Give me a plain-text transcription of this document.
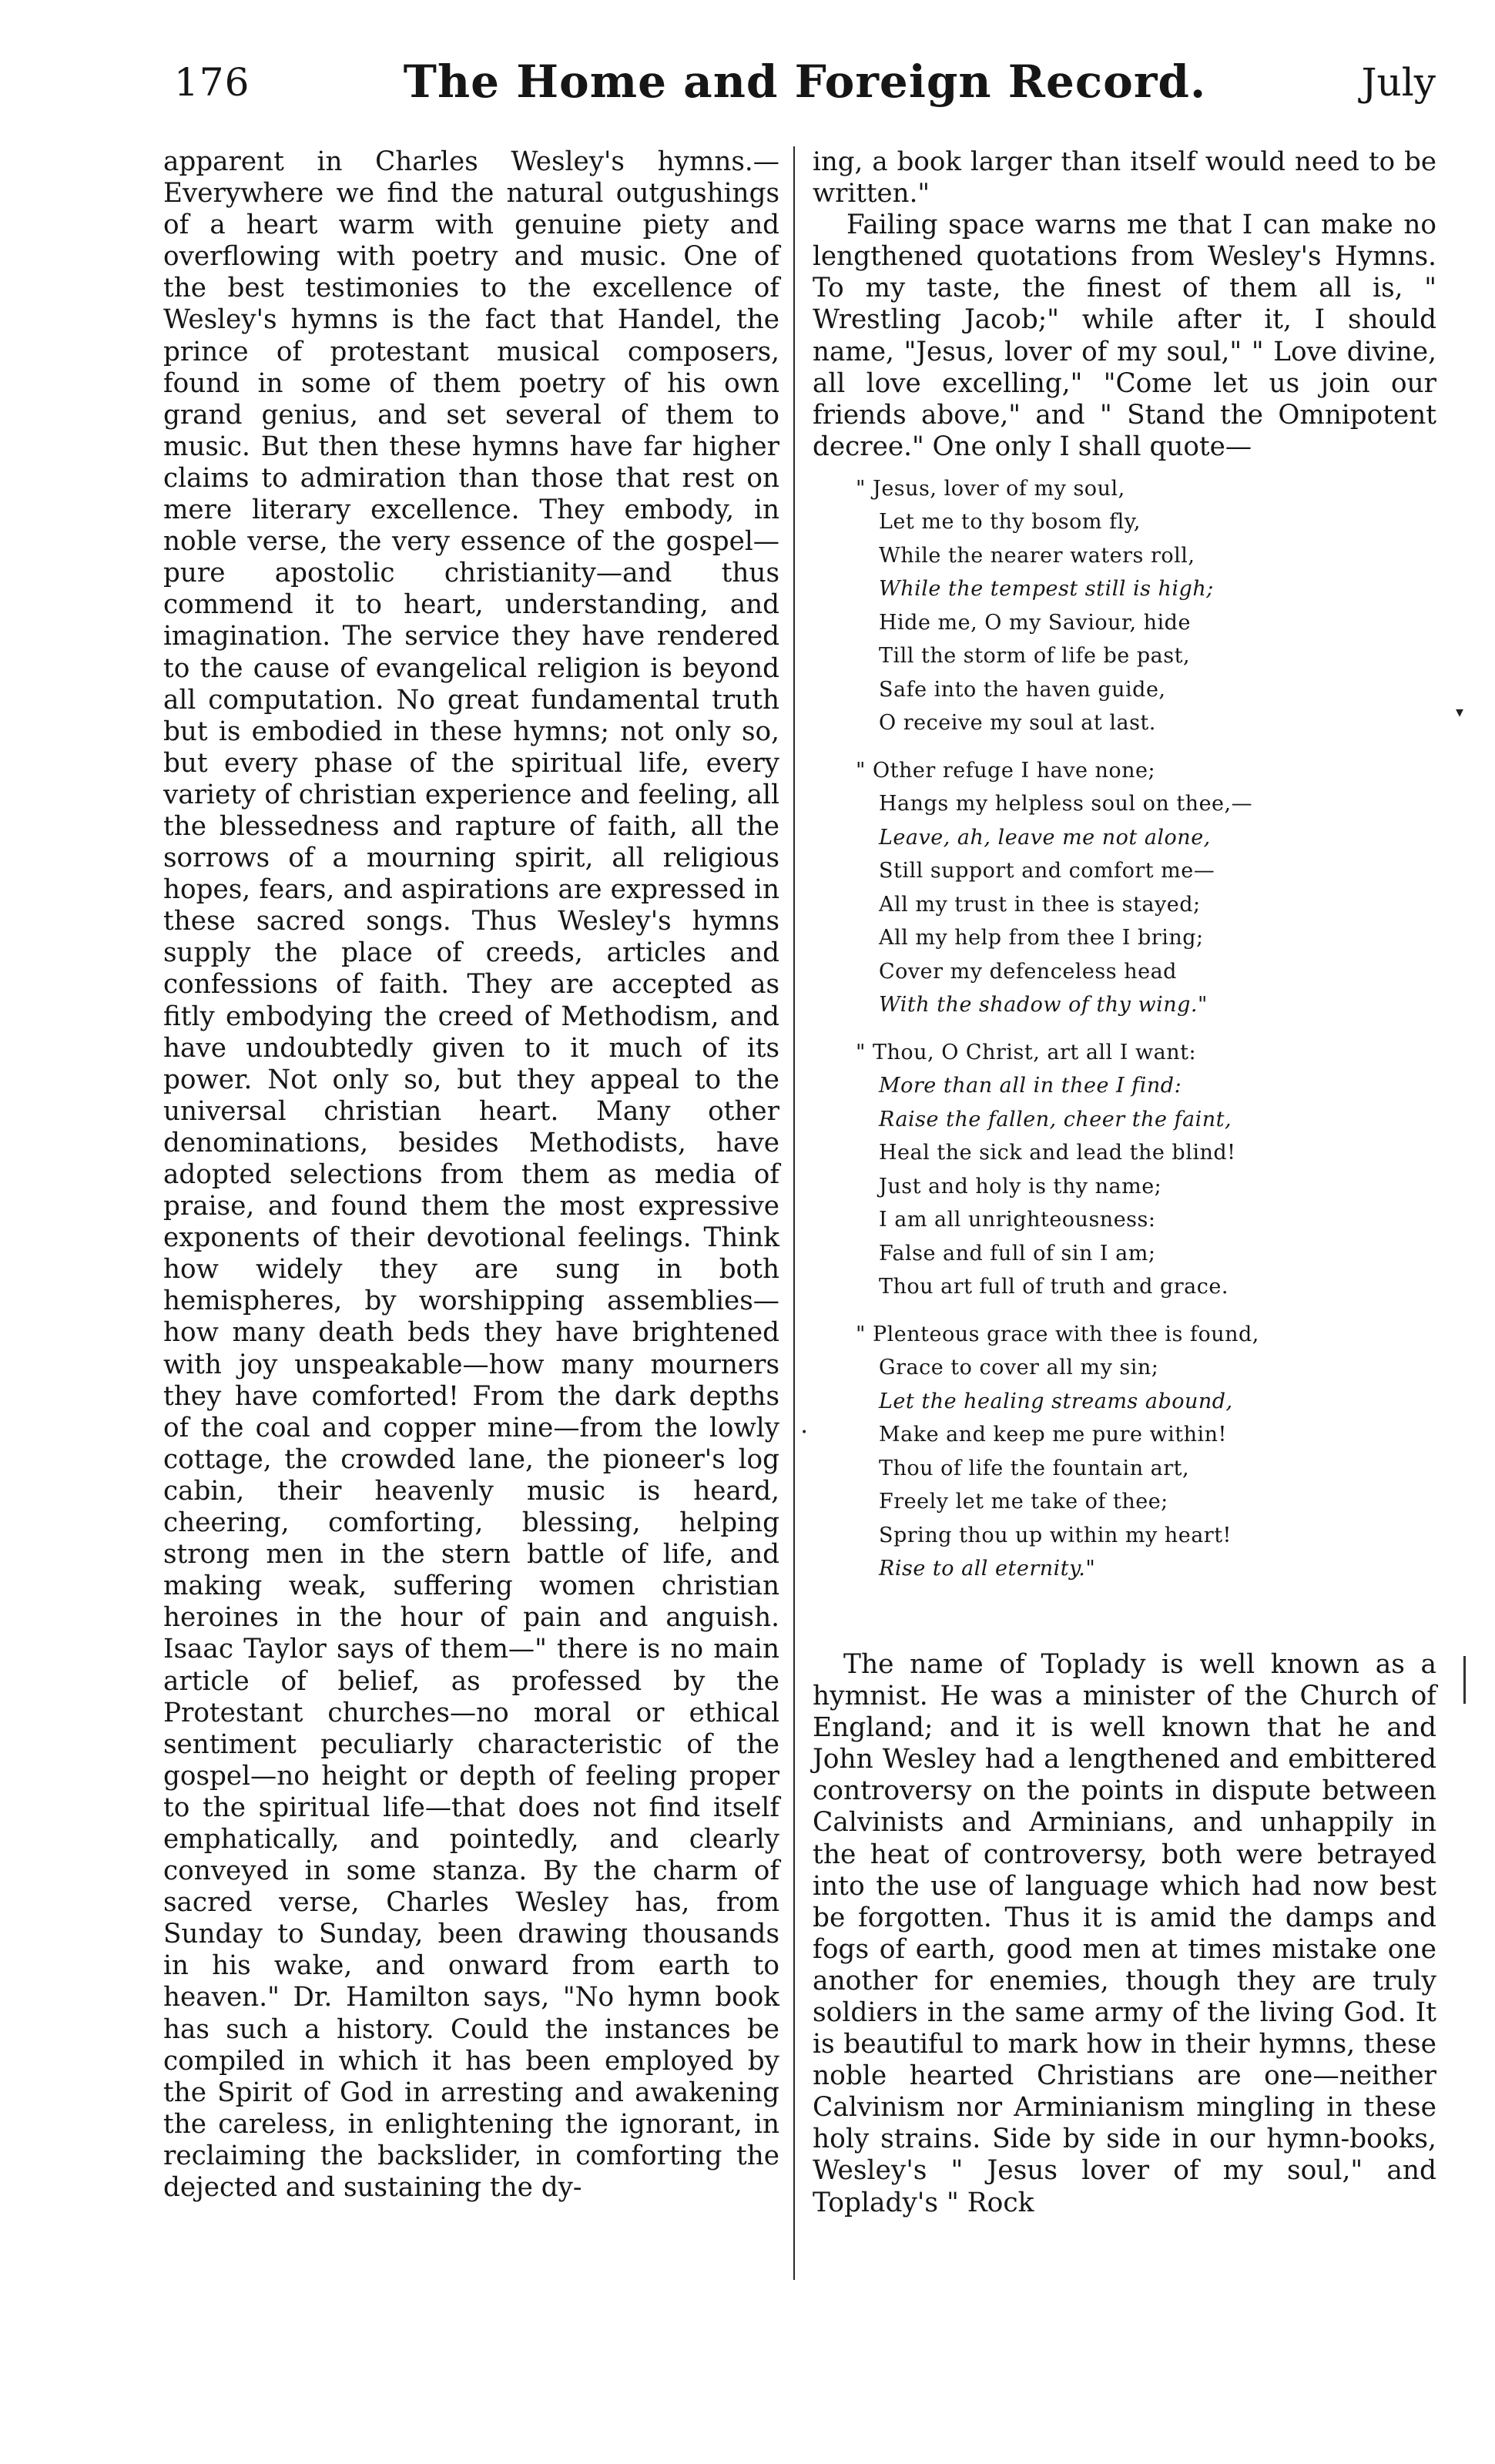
176	The Home and Foreign Record.	July

apparent in Charles Wesley's hymns.—Everywhere we find the natural outgushings of a heart warm with genuine piety and overflowing with poetry and music. One of the best testimonies to the excellence of Wesley's hymns is the fact that Handel, the prince of protestant musical composers, found in some of them poetry of his own grand genius, and set several of them to music. But then these hymns have far higher claims to admiration than those that rest on mere literary excellence. They embody, in noble verse, the very essence of the gospel—pure apostolic christianity—and thus commend it to heart, understanding, and imagination. The service they have rendered to the cause of evangelical religion is beyond all computation. No great fundamental truth but is embodied in these hymns; not only so, but every phase of the spiritual life, every variety of christian experience and feeling, all the blessedness and rapture of faith, all the sorrows of a mourning spirit, all religious hopes, fears, and aspirations are expressed in these sacred songs. Thus Wesley's hymns supply the place of creeds, articles and confessions of faith. They are accepted as fitly embodying the creed of Methodism, and have undoubtedly given to it much of its power. Not only so, but they appeal to the universal christian heart. Many other denominations, besides Methodists, have adopted selections from them as media of praise, and found them the most expressive exponents of their devotional feelings. Think how widely they are sung in both hemispheres, by worshipping assemblies—how many death beds they have brightened with joy unspeakable—how many mourners they have comforted! From the dark depths of the coal and copper mine—from the lowly cottage, the crowded lane, the pioneer's log cabin, their heavenly music is heard, cheering, comforting, blessing, helping strong men in the stern battle of life, and making weak, suffering women christian heroines in the hour of pain and anguish. Isaac Taylor says of them—" there is no main article of belief, as professed by the Protestant churches—no moral or ethical sentiment peculiarly characteristic of the gospel—no height or depth of feeling proper to the spiritual life—that does not find itself emphatically, and pointedly, and clearly conveyed in some stanza. By the charm of sacred verse, Charles Wesley has, from Sunday to Sunday, been drawing thousands in his wake, and onward from earth to heaven." Dr. Hamilton says, "No hymn book has such a history. Could the instances be compiled in which it has been employed by the Spirit of God in arresting and awakening the careless, in enlightening the ignorant, in reclaiming the backslider, in comforting the dejected and sustaining the dy-

ing, a book larger than itself would need to be written."

Failing space warns me that I can make no lengthened quotations from Wesley's Hymns. To my taste, the finest of them all is, " Wrestling Jacob;" while after it, I should name, "Jesus, lover of my soul," " Love divine, all love excelling," "Come let us join our friends above," and " Stand the Omnipotent decree." One only I shall quote—

" Jesus, lover of my soul,
Let me to thy bosom fly,
While the nearer waters roll,
While the tempest still is high;
Hide me, O my Saviour, hide
Till the storm of life be past,
Safe into the haven guide,
O receive my soul at last.
" Other refuge I have none;
Hangs my helpless soul on thee,—
Leave, ah, leave me not alone,
Still support and comfort me—
All my trust in thee is stayed;
All my help from thee I bring;
Cover my defenceless head
With the shadow of thy wing."
" Thou, O Christ, art all I want:
More than all in thee I find:
Raise the fallen, cheer the faint,
Heal the sick and lead the blind!
Just and holy is thy name;
I am all unrighteousness:
False and full of sin I am;
Thou art full of truth and grace.
" Plenteous grace with thee is found,
Grace to cover all my sin;
Let the healing streams abound,
Make and keep me pure within!
Thou of life the fountain art,
Freely let me take of thee;
Spring thou up within my heart!
Rise to all eternity."

The name of Toplady is well known as a hymnist. He was a minister of the Church of England; and it is well known that he and John Wesley had a lengthened and embittered controversy on the points in dispute between Calvinists and Arminians, and unhappily in the heat of controversy, both were betrayed into the use of language which had now best be forgotten. Thus it is amid the damps and fogs of earth, good men at times mistake one another for enemies, though they are truly soldiers in the same army of the living God. It is beautiful to mark how in their hymns, these noble hearted Christians are one—neither Calvinism nor Arminianism mingling in these holy strains. Side by side in our hymn-books, Wesley's " Jesus lover of my soul," and Toplady's " Rock

▾
•
